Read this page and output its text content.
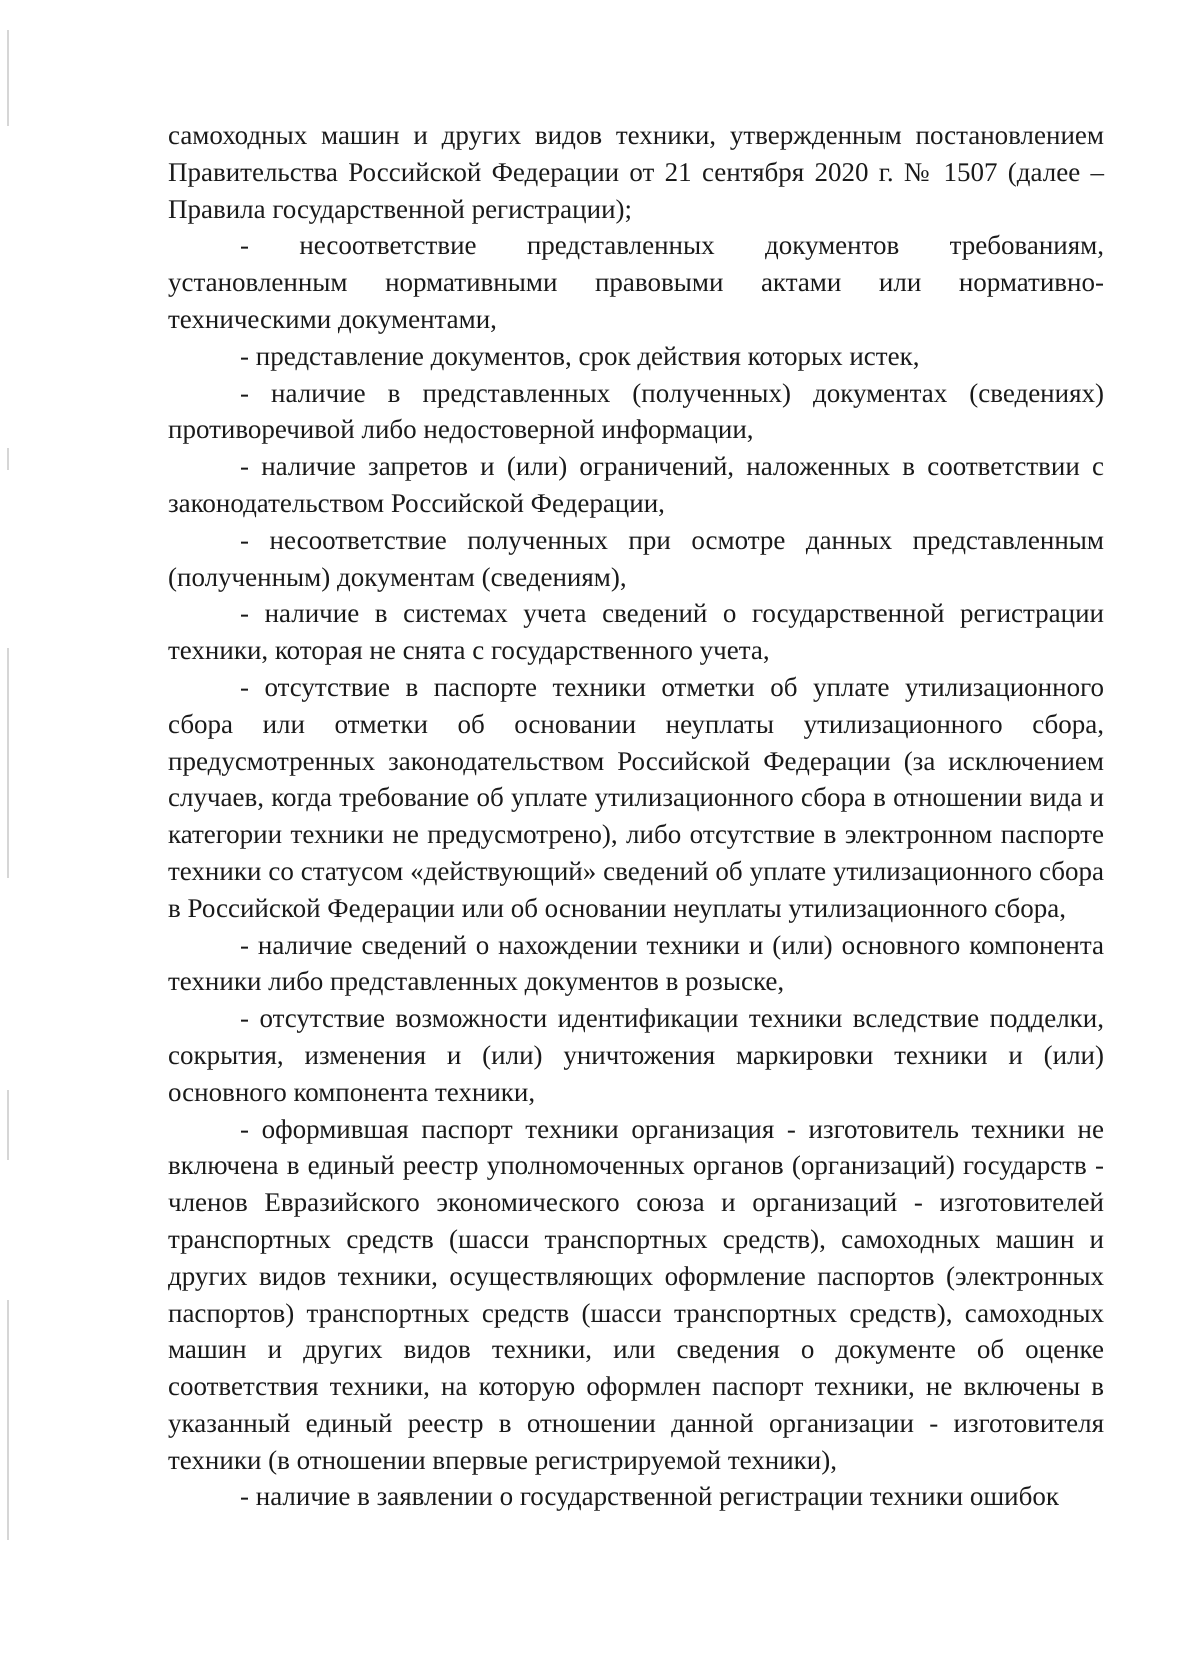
самоходных машин и других видов техники, утвержденным постановлением Правительства Российской Федерации от 21 сентября 2020 г. № 1507 (далее – Правила государственной регистрации);

- несоответствие представленных документов требованиям, установленным нормативными правовыми актами или нормативно-техническими документами,

- представление документов, срок действия которых истек,

- наличие в представленных (полученных) документах (сведениях) противоречивой либо недостоверной информации,

- наличие запретов и (или) ограничений, наложенных в соответствии с законодательством Российской Федерации,

- несоответствие полученных при осмотре данных представленным (полученным) документам (сведениям),

- наличие в системах учета сведений о государственной регистрации техники, которая не снята с государственного учета,

- отсутствие в паспорте техники отметки об уплате утилизационного сбора или отметки об основании неуплаты утилизационного сбора, предусмотренных законодательством Российской Федерации (за исключением случаев, когда требование об уплате утилизационного сбора в отношении вида и категории техники не предусмотрено), либо отсутствие в электронном паспорте техники со статусом «действующий» сведений об уплате утилизационного сбора в Российской Федерации или об основании неуплаты утилизационного сбора,

- наличие сведений о нахождении техники и (или) основного компонента техники либо представленных документов в розыске,

- отсутствие возможности идентификации техники вследствие подделки, сокрытия, изменения и (или) уничтожения маркировки техники и (или) основного компонента техники,

- оформившая паспорт техники организация - изготовитель техники не включена в единый реестр уполномоченных органов (организаций) государств - членов Евразийского экономического союза и организаций - изготовителей транспортных средств (шасси транспортных средств), самоходных машин и других видов техники, осуществляющих оформление паспортов (электронных паспортов) транспортных средств (шасси транспортных средств), самоходных машин и других видов техники, или сведения о документе об оценке соответствия техники, на которую оформлен паспорт техники, не включены в указанный единый реестр в отношении данной организации - изготовителя техники (в отношении впервые регистрируемой техники),

- наличие в заявлении о государственной регистрации техники ошибок
